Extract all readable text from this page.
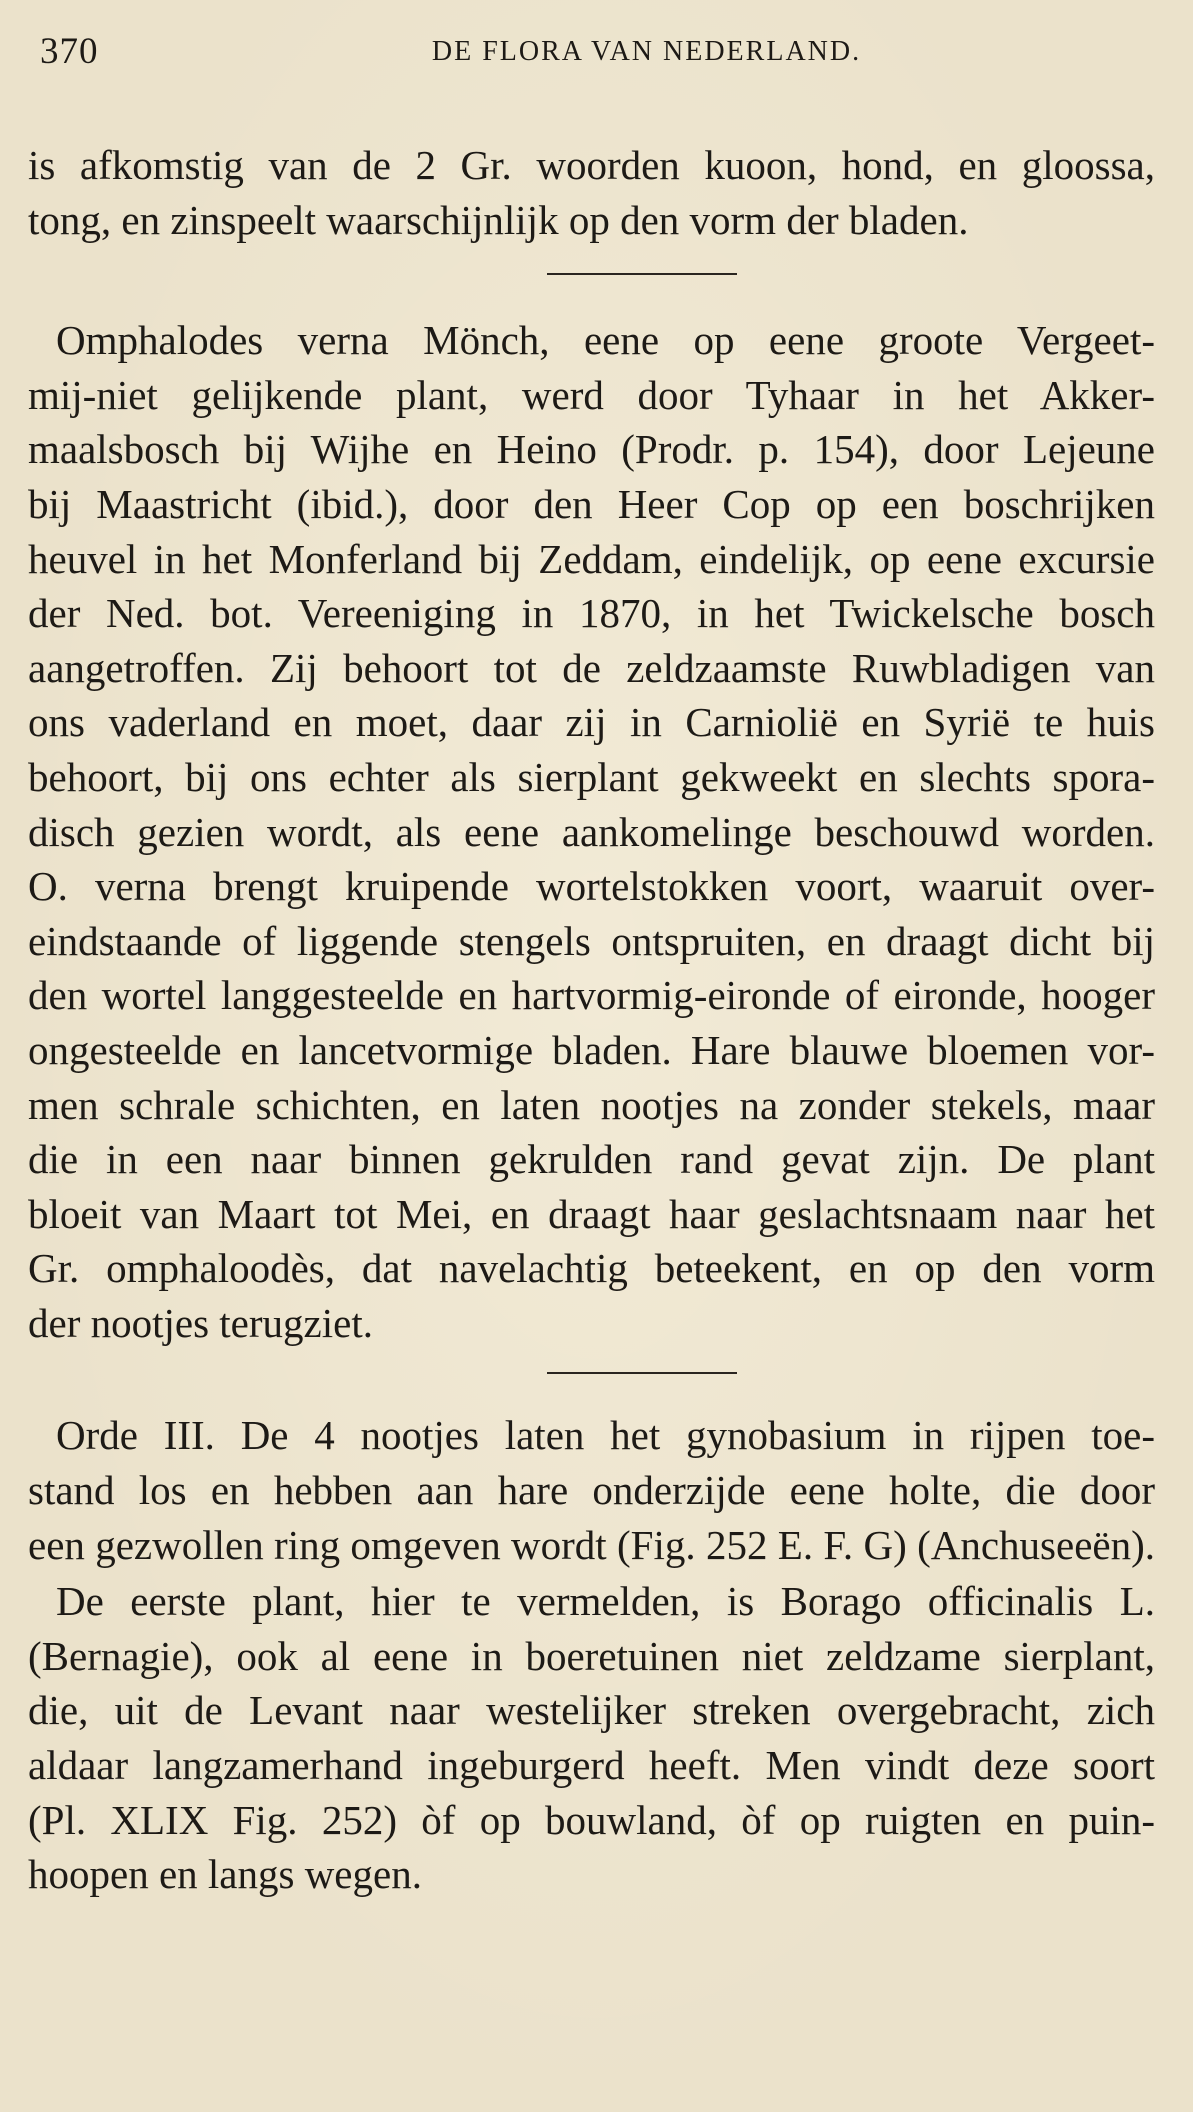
370	DE FLORA VAN NEDERLAND.
is afkomstig van de 2 Gr. woorden kuoon, hond, en gloossa,
tong, en zinspeelt waarschijnlijk op den vorm der bladen.
Omphalodes verna Mönch, eene op eene groote Vergeet-
mij-niet gelijkende plant, werd door Tyhaar in het Akker-
maalsbosch bij Wijhe en Heino (Prodr. p. 154), door Lejeune
bij Maastricht (ibid.), door den Heer Cop op een boschrijken
heuvel in het Monferland bij Zeddam, eindelijk, op eene excursie
der Ned. bot. Vereeniging in 1870, in het Twickelsche bosch
aangetroffen. Zij behoort tot de zeldzaamste Ruwbladigen van
ons vaderland en moet, daar zij in Carniolië en Syrië te huis
behoort, bij ons echter als sierplant gekweekt en slechts spora-
disch gezien wordt, als eene aankomelinge beschouwd worden.
O. verna brengt kruipende wortelstokken voort, waaruit over-
eindstaande of liggende stengels ontspruiten, en draagt dicht bij
den wortel langgesteelde en hartvormig-eironde of eironde, hooger
ongesteelde en lancetvormige bladen. Hare blauwe bloemen vor-
men schrale schichten, en laten nootjes na zonder stekels, maar
die in een naar binnen gekrulden rand gevat zijn. De plant
bloeit van Maart tot Mei, en draagt haar geslachtsnaam naar het
Gr. omphaloodès, dat navelachtig beteekent, en op den vorm
der nootjes terugziet.
Orde III. De 4 nootjes laten het gynobasium in rijpen toe-
stand los en hebben aan hare onderzijde eene holte, die door
een gezwollen ring omgeven wordt (Fig. 252 E. F. G) (Anchuseeën).
De eerste plant, hier te vermelden, is Borago officinalis L.
(Bernagie), ook al eene in boeretuinen niet zeldzame sierplant,
die, uit de Levant naar westelijker streken overgebracht, zich
aldaar langzamerhand ingeburgerd heeft. Men vindt deze soort
(Pl. XLIX Fig. 252) òf op bouwland, òf op ruigten en puin-
hoopen en langs wegen.
